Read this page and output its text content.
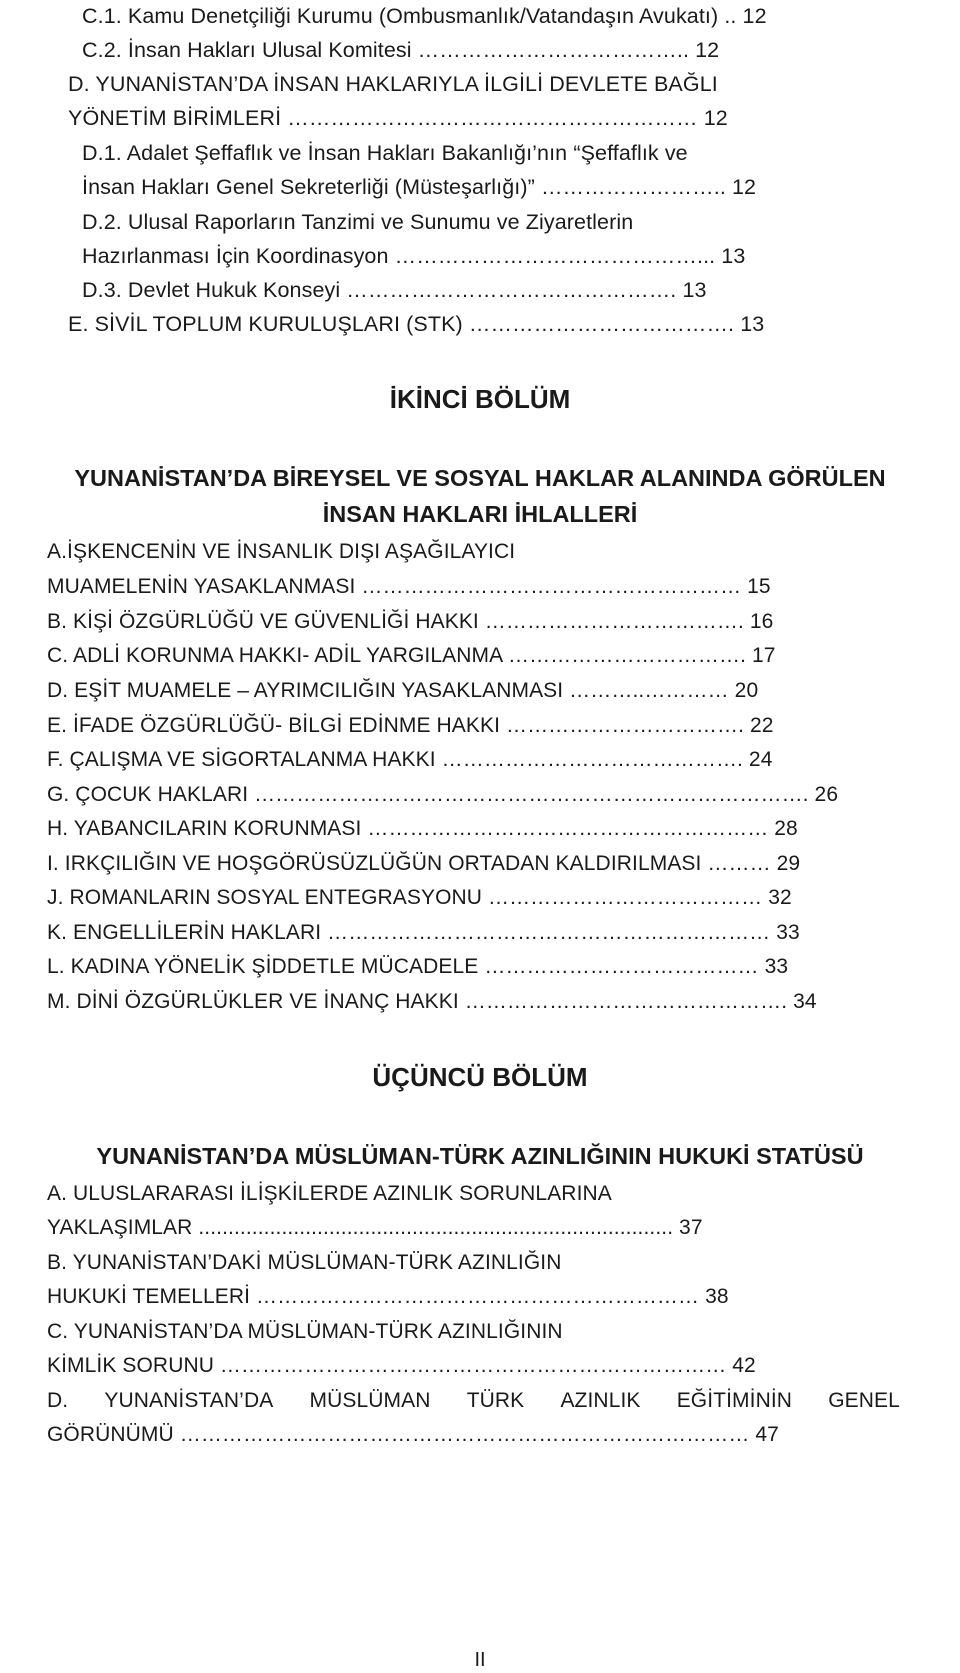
C.1. Kamu Denetçiliği Kurumu (Ombusmanlık/Vatandaşın Avukatı) .. 12
C.2. İnsan Hakları Ulusal Komitesi ……………………………….. 12
D. YUNANİSTAN’DA İNSAN HAKLARIYLA İLGİLİ DEVLETE BAĞLI
YÖNETİM BİRİMLERİ ………………………………………………… 12
D.1. Adalet Şeffaflık ve İnsan Hakları Bakanlığı’nın “Şeffaflık ve
İnsan Hakları Genel Sekreterliği (Müsteşarlığı)” …………………….. 12
D.2. Ulusal Raporların Tanzimi ve Sunumu ve Ziyaretlerin
Hazırlanması İçin Koordinasyon ……………………………………... 13
D.3. Devlet Hukuk Konseyi ………………………………………. 13
E. SİVİL TOPLUM KURULUŞLARI (STK) ………………………………. 13
İKİNCİ BÖLÜM
YUNANİSTAN’DA BİREYSEL VE SOSYAL HAKLAR ALANINDA GÖRÜLEN
İNSAN HAKLARI İHLALLERİ
A.İŞKENCENİN VE İNSANLIK DIŞI AŞAĞILAYICI
MUAMELENİN YASAKLANMASI ……………………………………………… 15
B. KİŞİ ÖZGÜRLÜĞÜ VE GÜVENLİĞİ HAKKI ………………………………. 16
C. ADLİ KORUNMA HAKKI- ADİL YARGILANMA ……………………………. 17
D. EŞİT MUAMELE – AYRIMCILIĞIN YASAKLANMASI ………..………… 20
E. İFADE ÖZGÜRLÜĞÜ- BİLGİ EDİNME HAKKI ……………………………. 22
F. ÇALIŞMA VE SİGORTALANMA HAKKI ……………………………………. 24
G. ÇOCUK HAKLARI ……………………………………………………………………. 26
H. YABANCILARIN KORUNMASI ………………………………………………… 28
I. IRKÇILIĞIN VE HOŞGÖRÜSÜZLÜĞÜN ORTADAN KALDIRILMASI ……… 29
J. ROMANLARIN SOSYAL ENTEGRASYONU ………………………………… 32
K. ENGELLİLERİN HAKLARI ……………………………………………………… 33
L. KADINA YÖNELİK ŞİDDETLE MÜCADELE ………………………………… 33
M. DİNİ ÖZGÜRLÜKLER VE İNANÇ HAKKI ………………………………………. 34
ÜÇÜNCÜ BÖLÜM
YUNANİSTAN’DA MÜSLÜMAN-TÜRK AZINLIĞININ HUKUKİ STATÜSÜ
A. ULUSLARARASI İLİŞKİLERDE AZINLIK SORUNLARINA
YAKLAŞIMLAR ................................................................................ 37
B. YUNANİSTAN’DAKİ MÜSLÜMAN-TÜRK AZINLIĞIN
HUKUKİ TEMELLERİ ……………………………………………………… 38
C. YUNANİSTAN’DA MÜSLÜMAN-TÜRK AZINLIĞININ
KİMLİK SORUNU ……………………………………………………………… 42
D. YUNANİSTAN’DA MÜSLÜMAN TÜRK AZINLIK EĞİTİMİNİN GENEL
GÖRÜNÜMÜ ……………………………………………………………………… 47
II
